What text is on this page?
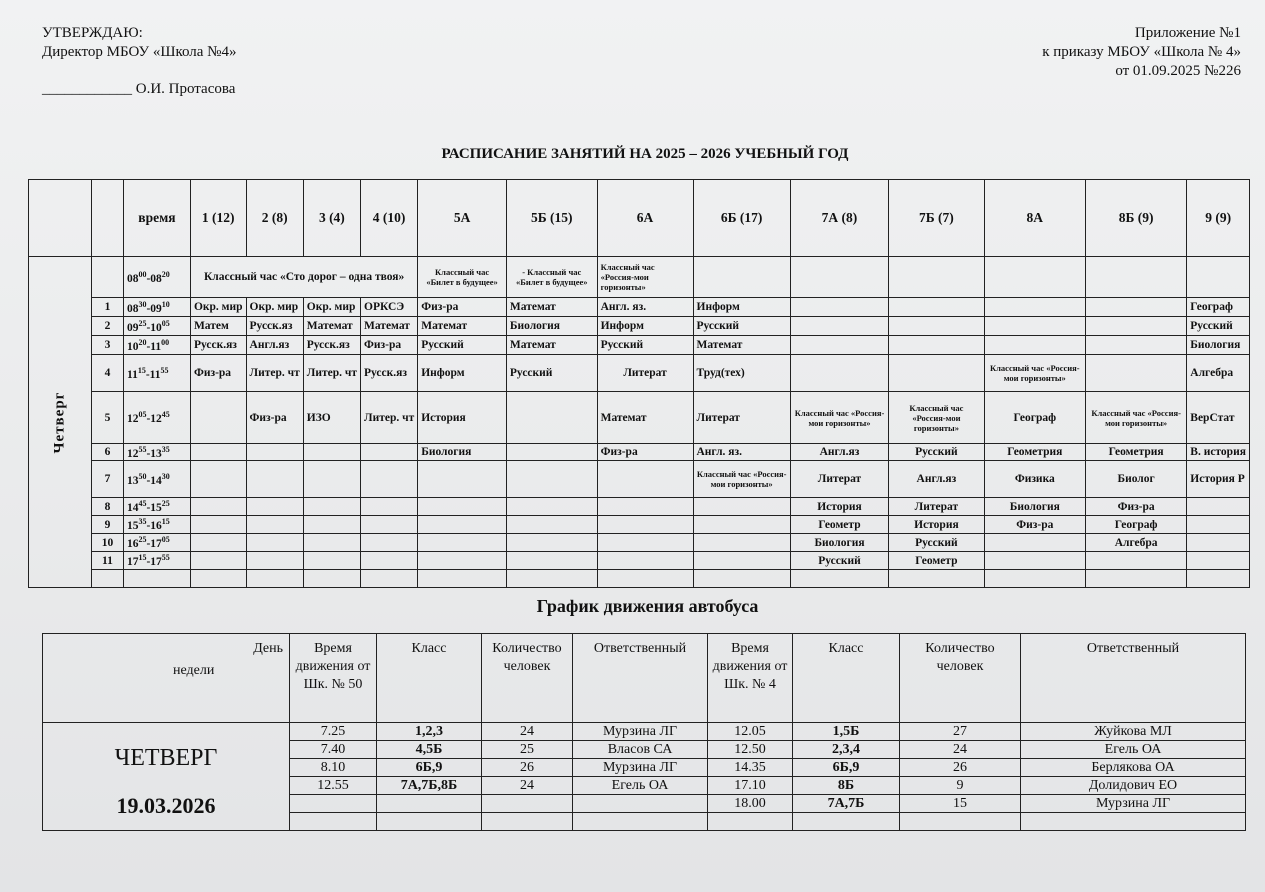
УТВЕРЖДАЮ:
Директор МБОУ «Школа №4»
____________ О.И. Протасова
Приложение №1
к приказу МБОУ «Школа № 4»
от 01.09.2025 №226
РАСПИСАНИЕ ЗАНЯТИЙ НА 2025 – 2026 УЧЕБНЫЙ ГОД
		время	1 (12)	2 (8)	3 (4)	4 (10)	5А	5Б (15)	6А	6Б (17)	7А (8)	7Б (7)	8А	8Б (9)	9 (9)
Четверг		$08^{00}-08^{20}$	Классный час «Сто дорог – одна твоя»				Классный час «Билет в будущее»	- Классный час «Билет в будущее»	Классный час «Россия-мои горизонты»						
	1	$08^{30}-09^{10}$	Окр. мир	Окр. мир	Окр. мир	ОРКСЭ	Физ-ра	Математ	Англ. яз.	Информ					Географ
	2	$09^{25}-10^{05}$	Матем	Русск.яз	Математ	Математ	Математ	Биология	Информ	Русский					Русский
	3	$10^{20}-11^{00}$	Русск.яз	Англ.яз	Русск.яз	Физ-ра	Русский	Математ	Русский	Математ					Биология
	4	$11^{15}-11^{55}$	Физ-ра	Литер. чт	Литер. чт	Русск.яз	Информ	Русский	Литерат	Труд(тех)			Классный час «Россия-мои горизонты»		Алгебра
	5	$12^{05}-12^{45}$		Физ-ра	ИЗО	Литер. чт	История		Математ	Литерат	Классный час «Россия-мои горизонты»	Классный час «Россия-мои горизонты»	Географ	Классный час «Россия-мои горизонты»	ВерСтат
	6	$12^{55}-13^{35}$					Биология		Физ-ра	Англ. яз.	Англ.яз	Русский	Геометрия	Геометрия	В. история
	7	$13^{50}-14^{30}$								Классный час «Россия-мои горизонты»	Литерат	Англ.яз	Физика	Биолог	История Р
	8	$14^{45}-15^{25}$									История	Литерат	Биология	Физ-ра	
	9	$15^{35}-16^{15}$									Геометр	История	Физ-ра	Географ	
	10	$16^{25}-17^{05}$									Биология	Русский		Алгебра	
	11	$17^{15}-17^{55}$									Русский	Геометр			

График движения автобуса
День
недели	Время движения от Шк. № 50	Класс	Количество человек	Ответственный	Время движения от Шк. № 4	Класс	Количество человек	Ответственный

ЧЕТВЕРГ
19.03.2026	7.25	1,2,3	24	Мурзина ЛГ	12.05	1,5Б	27	Жуйкова МЛ
	7.40	4,5Б	25	Власов СА	12.50	2,3,4	24	Егель ОА
	8.10	6Б,9	26	Мурзина ЛГ	14.35	6Б,9	26	Берлякова ОА
	12.55	7А,7Б,8Б	24	Егель ОА	17.10	8Б	9	Долидович ЕО
					18.00	7А,7Б	15	Мурзина ЛГ
